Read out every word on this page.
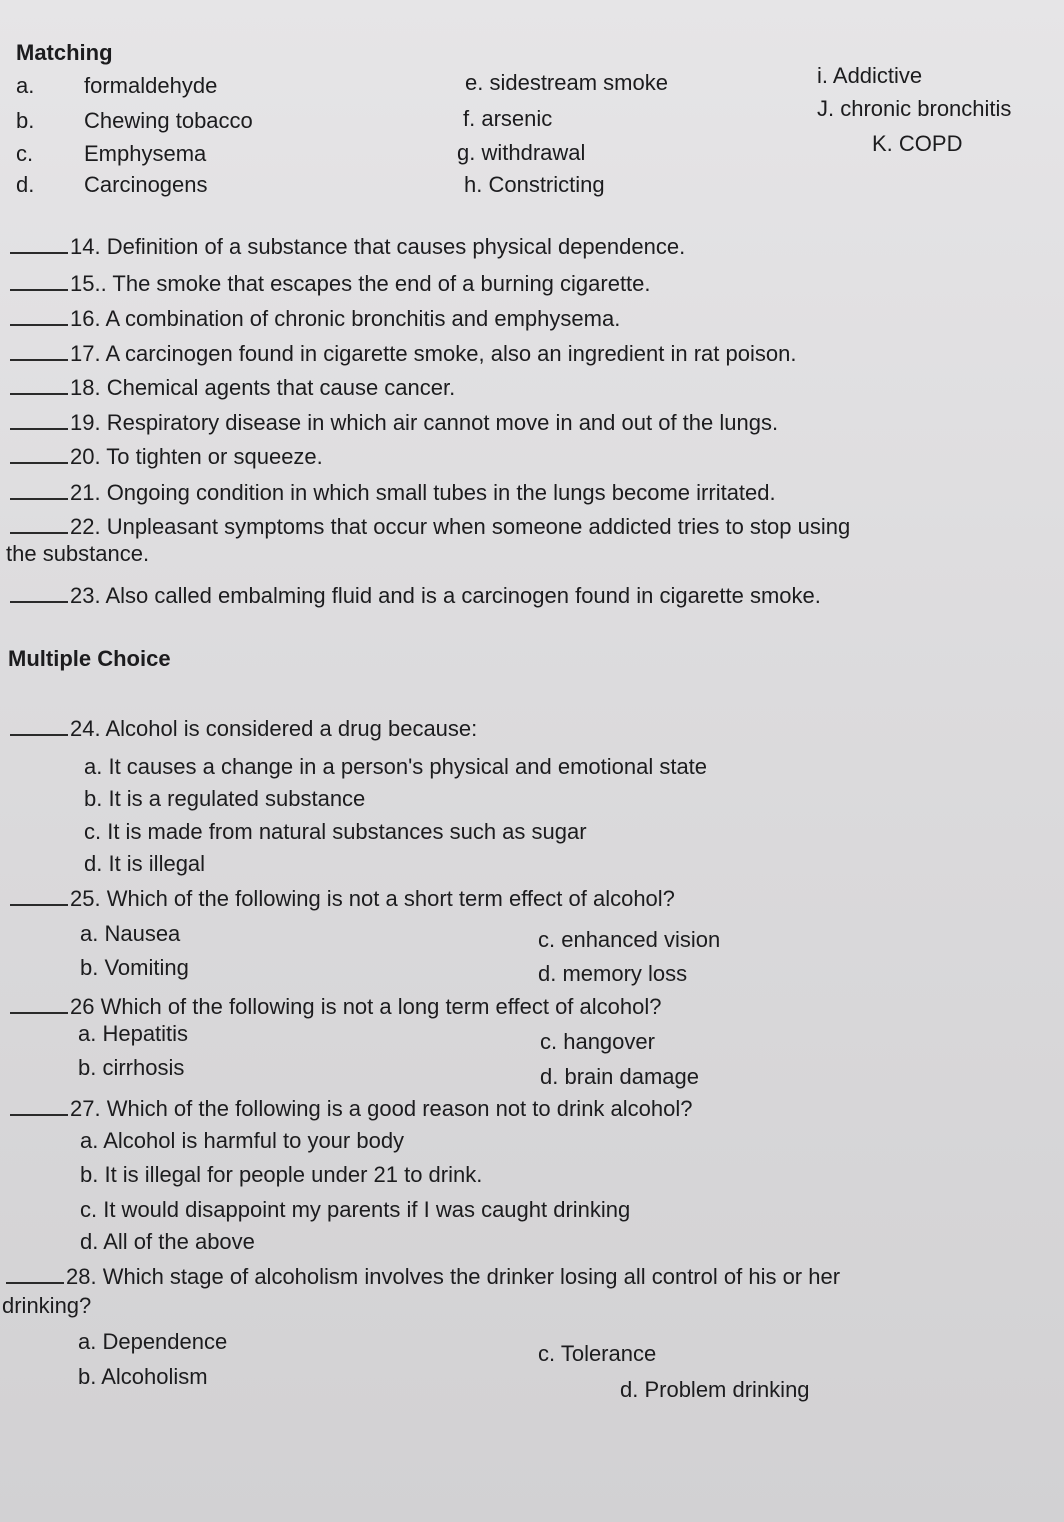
Matching
a. formaldehyde
b. Chewing tobacco
c. Emphysema
d. Carcinogens
e. sidestream smoke
f. arsenic
g. withdrawal
h. Constricting
i. Addictive
J. chronic bronchitis
K. COPD
14. Definition of a substance that causes physical dependence.
15.. The smoke that escapes the end of a burning cigarette.
16. A combination of chronic bronchitis and emphysema.
17. A carcinogen found in cigarette smoke, also an ingredient in rat poison.
18. Chemical agents that cause cancer.
19. Respiratory disease in which air cannot move in and out of the lungs.
20. To tighten or squeeze.
21. Ongoing condition in which small tubes in the lungs become irritated.
22. Unpleasant symptoms that occur when someone addicted tries to stop using
the substance.
23. Also called embalming fluid and is a carcinogen found in cigarette smoke.
Multiple Choice
24. Alcohol is considered a drug because:
a. It causes a change in a person's physical and emotional state
b. It is a regulated substance
c. It is made from natural substances such as sugar
d. It is illegal
25. Which of the following is not a short term effect of alcohol?
a. Nausea
b. Vomiting
c. enhanced vision
d. memory loss
26 Which of the following is not a long term effect of alcohol?
a. Hepatitis
b. cirrhosis
c. hangover
d. brain damage
27. Which of the following is a good reason not to drink alcohol?
a. Alcohol is harmful to your body
b. It is illegal for people under 21 to drink.
c. It would disappoint my parents if I was caught drinking
d. All of the above
28. Which stage of alcoholism involves the drinker losing all control of his or her
drinking?
a. Dependence
b. Alcoholism
c. Tolerance
d. Problem drinking
